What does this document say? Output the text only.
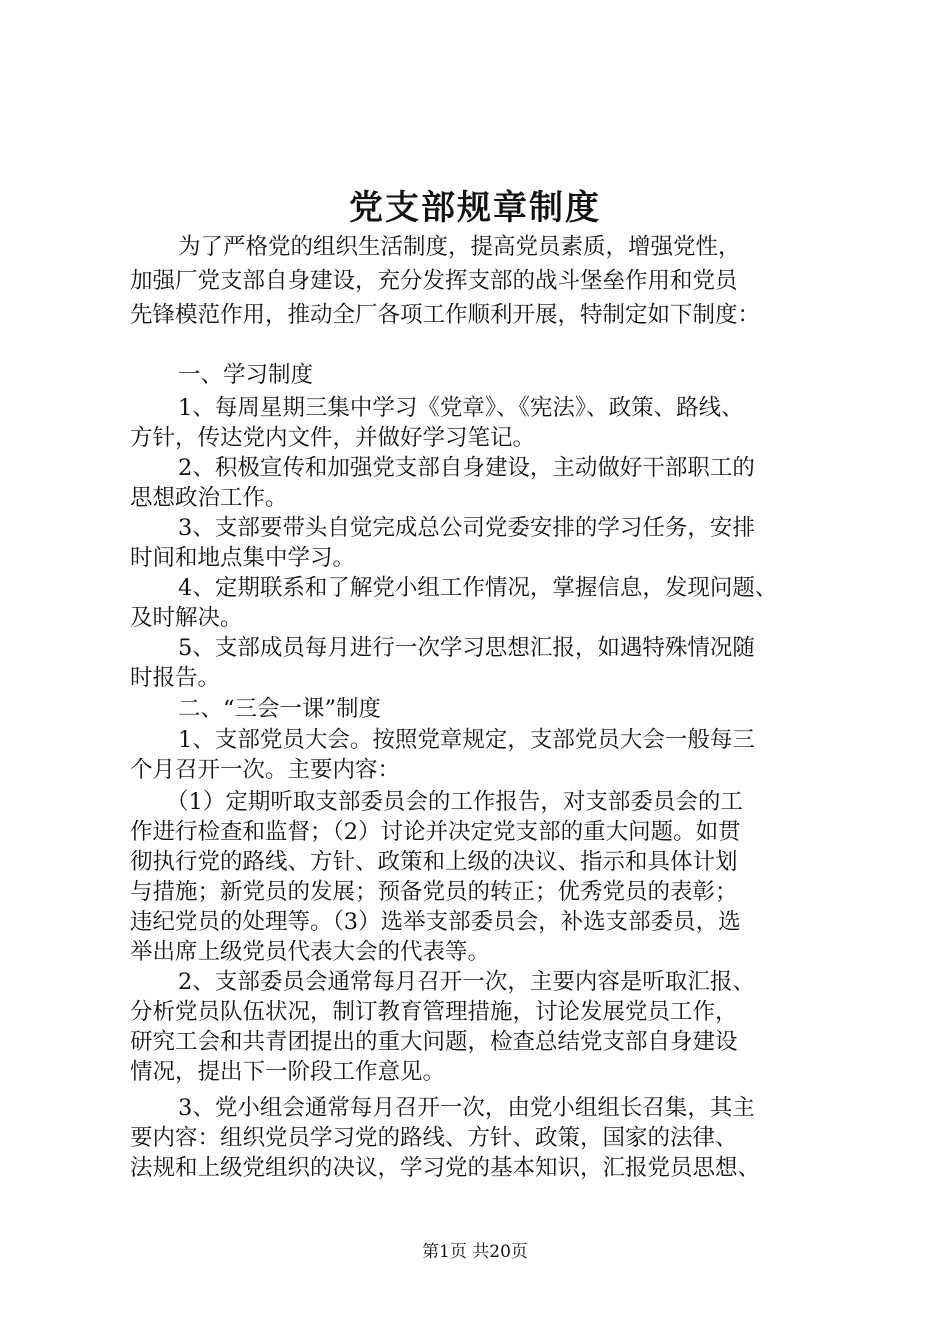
党支部规章制度
为了严格党的组织生活制度，提高党员素质，增强党性，
加强厂党支部自身建设，充分发挥支部的战斗堡垒作用和党员
先锋模范作用，推动全厂各项工作顺利开展，特制定如下制度：
一、学习制度
1、每周星期三集中学习《党章》、《宪法》、政策、路线、
方针，传达党内文件，并做好学习笔记。
2、积极宣传和加强党支部自身建设，主动做好干部职工的
思想政治工作。
3、支部要带头自觉完成总公司党委安排的学习任务，安排
时间和地点集中学习。
4、定期联系和了解党小组工作情况，掌握信息，发现问题、
及时解决。
5、支部成员每月进行一次学习思想汇报，如遇特殊情况随
时报告。
二、“三会一课”制度
1、支部党员大会。按照党章规定，支部党员大会一般每三
个月召开一次。主要内容：
（1）定期听取支部委员会的工作报告，对支部委员会的工
作进行检查和监督；（2）讨论并决定党支部的重大问题。如贯
彻执行党的路线、方针、政策和上级的决议、指示和具体计划
与措施；新党员的发展；预备党员的转正；优秀党员的表彰；
违纪党员的处理等。（3）选举支部委员会，补选支部委员，选
举出席上级党员代表大会的代表等。
2、支部委员会通常每月召开一次，主要内容是听取汇报、
分析党员队伍状况，制订教育管理措施，讨论发展党员工作，
研究工会和共青团提出的重大问题，检查总结党支部自身建设
情况，提出下一阶段工作意见。
3、党小组会通常每月召开一次，由党小组组长召集，其主
要内容：组织党员学习党的路线、方针、政策，国家的法律、
法规和上级党组织的决议，学习党的基本知识，汇报党员思想、
第1页 共20页
